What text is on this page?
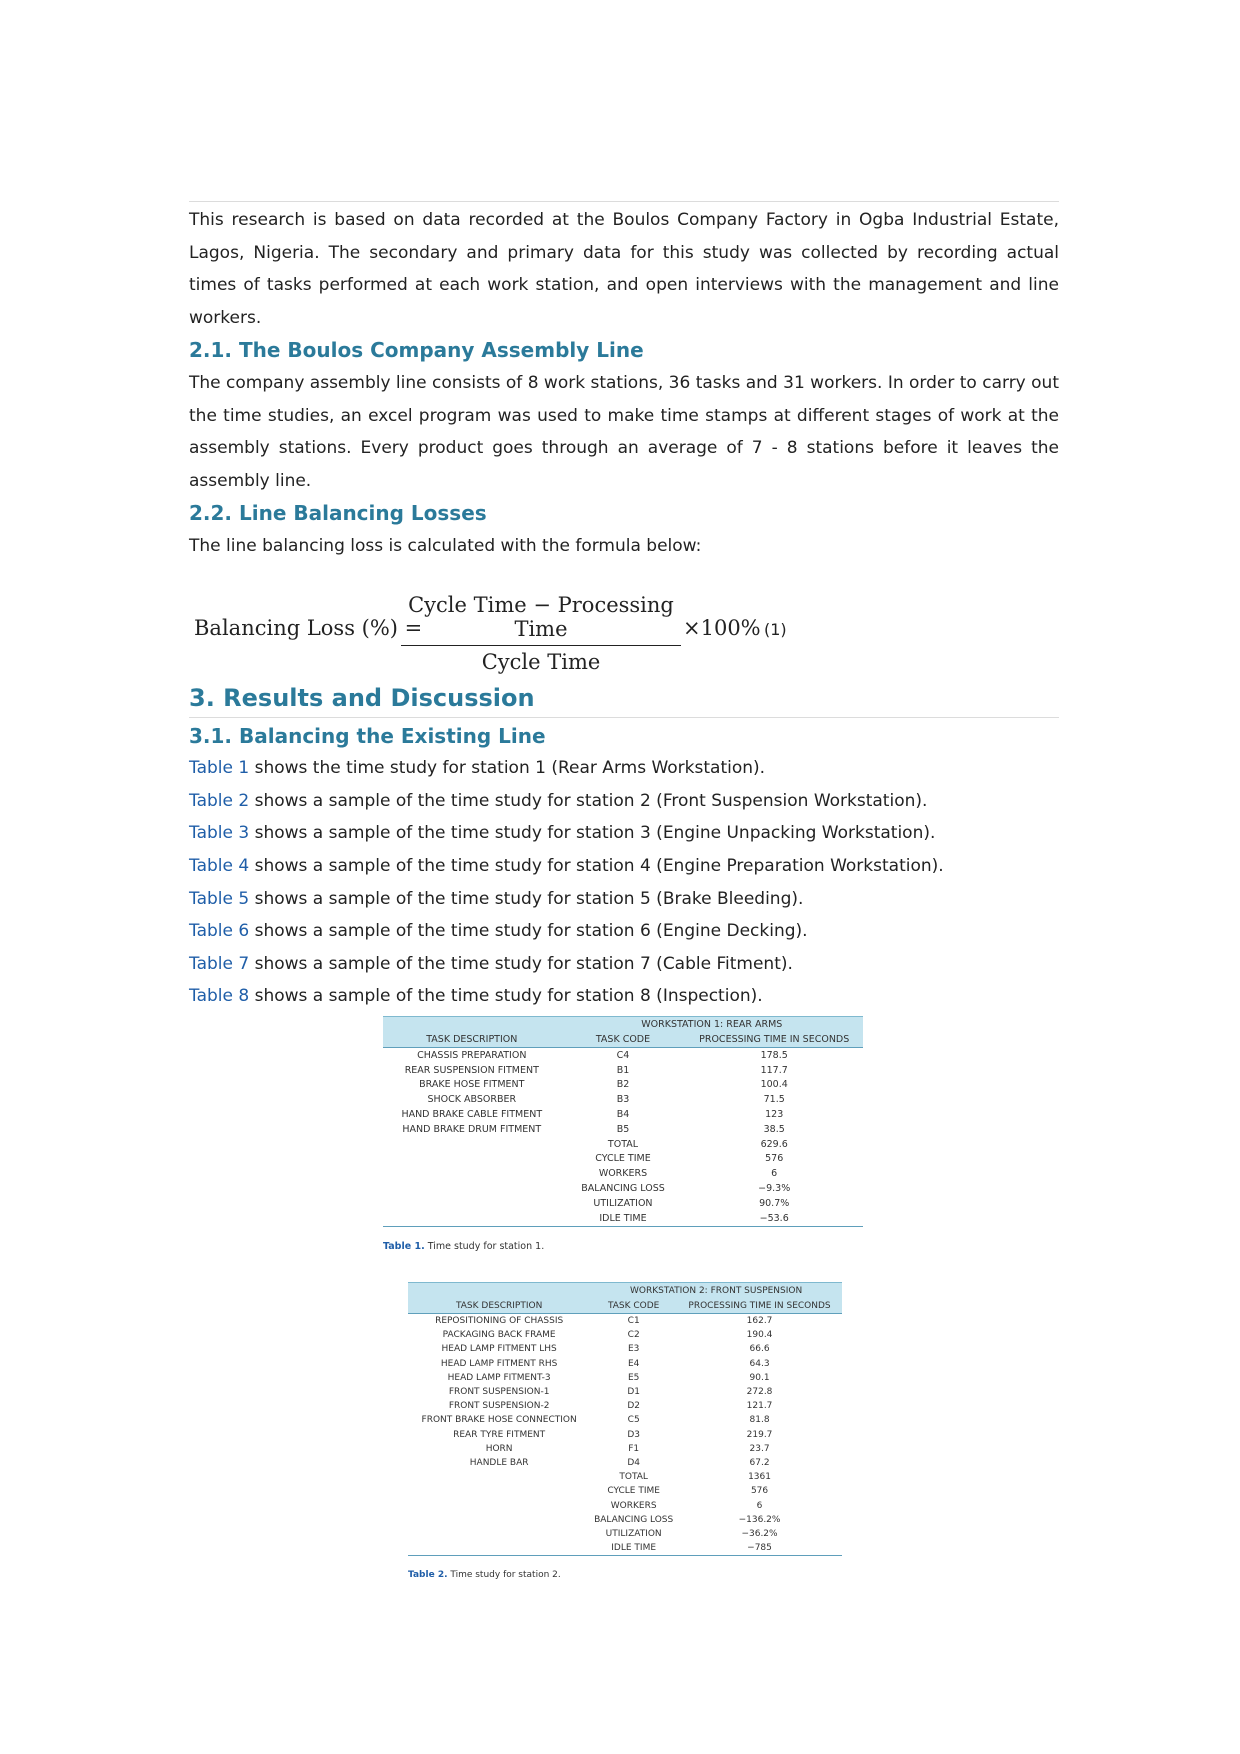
This research is based on data recorded at the Boulos Company Factory in Ogba Industrial Estate, Lagos, Nigeria. The secondary and primary data for this study was collected by recording actual times of tasks performed at each work station, and open interviews with the management and line workers.

2.1. The Boulos Company Assembly Line

The company assembly line consists of 8 work stations, 36 tasks and 31 workers. In order to carry out the time studies, an excel program was used to make time stamps at different stages of work at the assembly stations. Every product goes through an average of 7 - 8 stations before it leaves the assembly line.

2.2. Line Balancing Losses

The line balancing loss is calculated with the formula below:

Balancing Loss (%) =
Cycle Time − Processing Time
Cycle Time
×100% (1)
3. Results and Discussion
3.1. Balancing the Existing Line

Table 1 shows the time study for station 1 (Rear Arms Workstation).

Table 2 shows a sample of the time study for station 2 (Front Suspension Workstation).

Table 3 shows a sample of the time study for station 3 (Engine Unpacking Workstation).

Table 4 shows a sample of the time study for station 4 (Engine Preparation Workstation).

Table 5 shows a sample of the time study for station 5 (Brake Bleeding).

Table 6 shows a sample of the time study for station 6 (Engine Decking).

Table 7 shows a sample of the time study for station 7 (Cable Fitment).

Table 8 shows a sample of the time study for station 8 (Inspection).

	WORKSTATION 1: REAR ARMS	
TASK DESCRIPTION	TASK CODE	PROCESSING TIME IN SECONDS
CHASSIS PREPARATION	C4	178.5
REAR SUSPENSION FITMENT	B1	117.7
BRAKE HOSE FITMENT	B2	100.4
SHOCK ABSORBER	B3	71.5
HAND BRAKE CABLE FITMENT	B4	123
HAND BRAKE DRUM FITMENT	B5	38.5
	TOTAL	629.6
	CYCLE TIME	576
	WORKERS	6
	BALANCING LOSS	−9.3%
	UTILIZATION	90.7%
	IDLE TIME	−53.6
Table 1. Time study for station 1.
	WORKSTATION 2: FRONT SUSPENSION	
TASK DESCRIPTION	TASK CODE	PROCESSING TIME IN SECONDS
REPOSITIONING OF CHASSIS	C1	162.7
PACKAGING BACK FRAME	C2	190.4
HEAD LAMP FITMENT LHS	E3	66.6
HEAD LAMP FITMENT RHS	E4	64.3
HEAD LAMP FITMENT-3	E5	90.1
FRONT SUSPENSION-1	D1	272.8
FRONT SUSPENSION-2	D2	121.7
FRONT BRAKE HOSE CONNECTION	C5	81.8
REAR TYRE FITMENT	D3	219.7
HORN	F1	23.7
HANDLE BAR	D4	67.2
	TOTAL	1361
	CYCLE TIME	576
	WORKERS	6
	BALANCING LOSS	−136.2%
	UTILIZATION	−36.2%
	IDLE TIME	−785
Table 2. Time study for station 2.
